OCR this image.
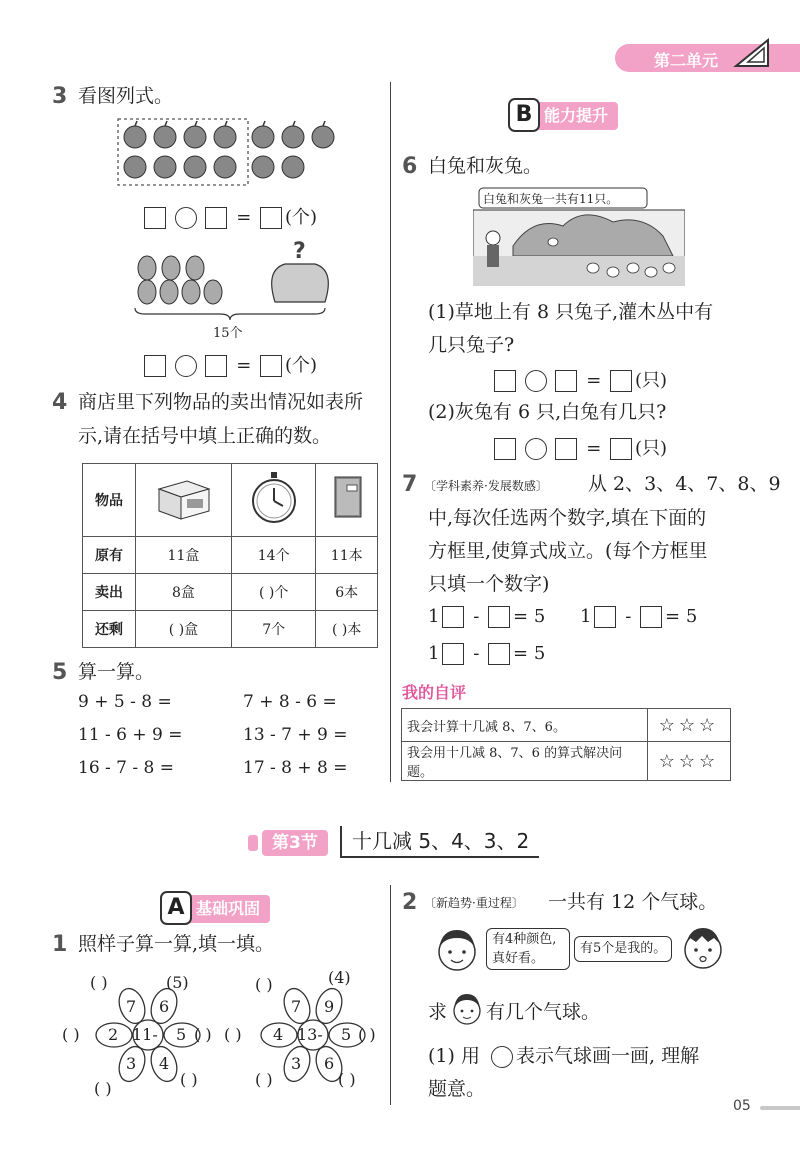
第二单元
3 看图列式。
= (个)
?
15个
= (个)
4 商店里下列物品的卖出情况如表所
示,请在括号中填上正确的数。
物品			
原有	11盒	14个	11本
卖出	8盒	( )个	6本
还剩	( )盒	7个	( )本
5 算一算。
9 + 5 - 8 =
11 - 6 + 9 =
16 - 7 - 8 =
7 + 8 - 6 =
13 - 7 + 9 =
17 - 8 + 8 =
B 能力提升
6 白兔和灰兔。
白兔和灰兔一共有11只。
(1)草地上有 8 只兔子,灌木丛中有
几只兔子?
= (只)
(2)灰兔有 6 只,白兔有几只?
= (只)
7 〔学科素养·发展数感〕 从 2、3、4、7、8、9
中,每次任选两个数字,填在下面的
方框里,使算式成立。(每个方框里
只填一个数字)
1 - = 5 1 - = 5
1 - = 5
我的自评
我会计算十几减 8、7、6。	☆☆☆
我会用十几减 8、7、6 的算式解决问题。	☆☆☆
第3节	十几减 5、4、3、2
A 基础巩固
1 照样子算一算,填一填。
11-
7 6
5
4
3
2
( )	(5)
( )	( )
( )	( )
13-
7 9
5
6
3
4
( )	(4)
( )	( )
( )	( )
2 〔新趋势·重过程〕 一共有 12 个气球。
有4种颜色,
真好看。
有5个是我的。
求 有几个气球。
(1) 用 表示气球画一画, 理解
题意。
05
